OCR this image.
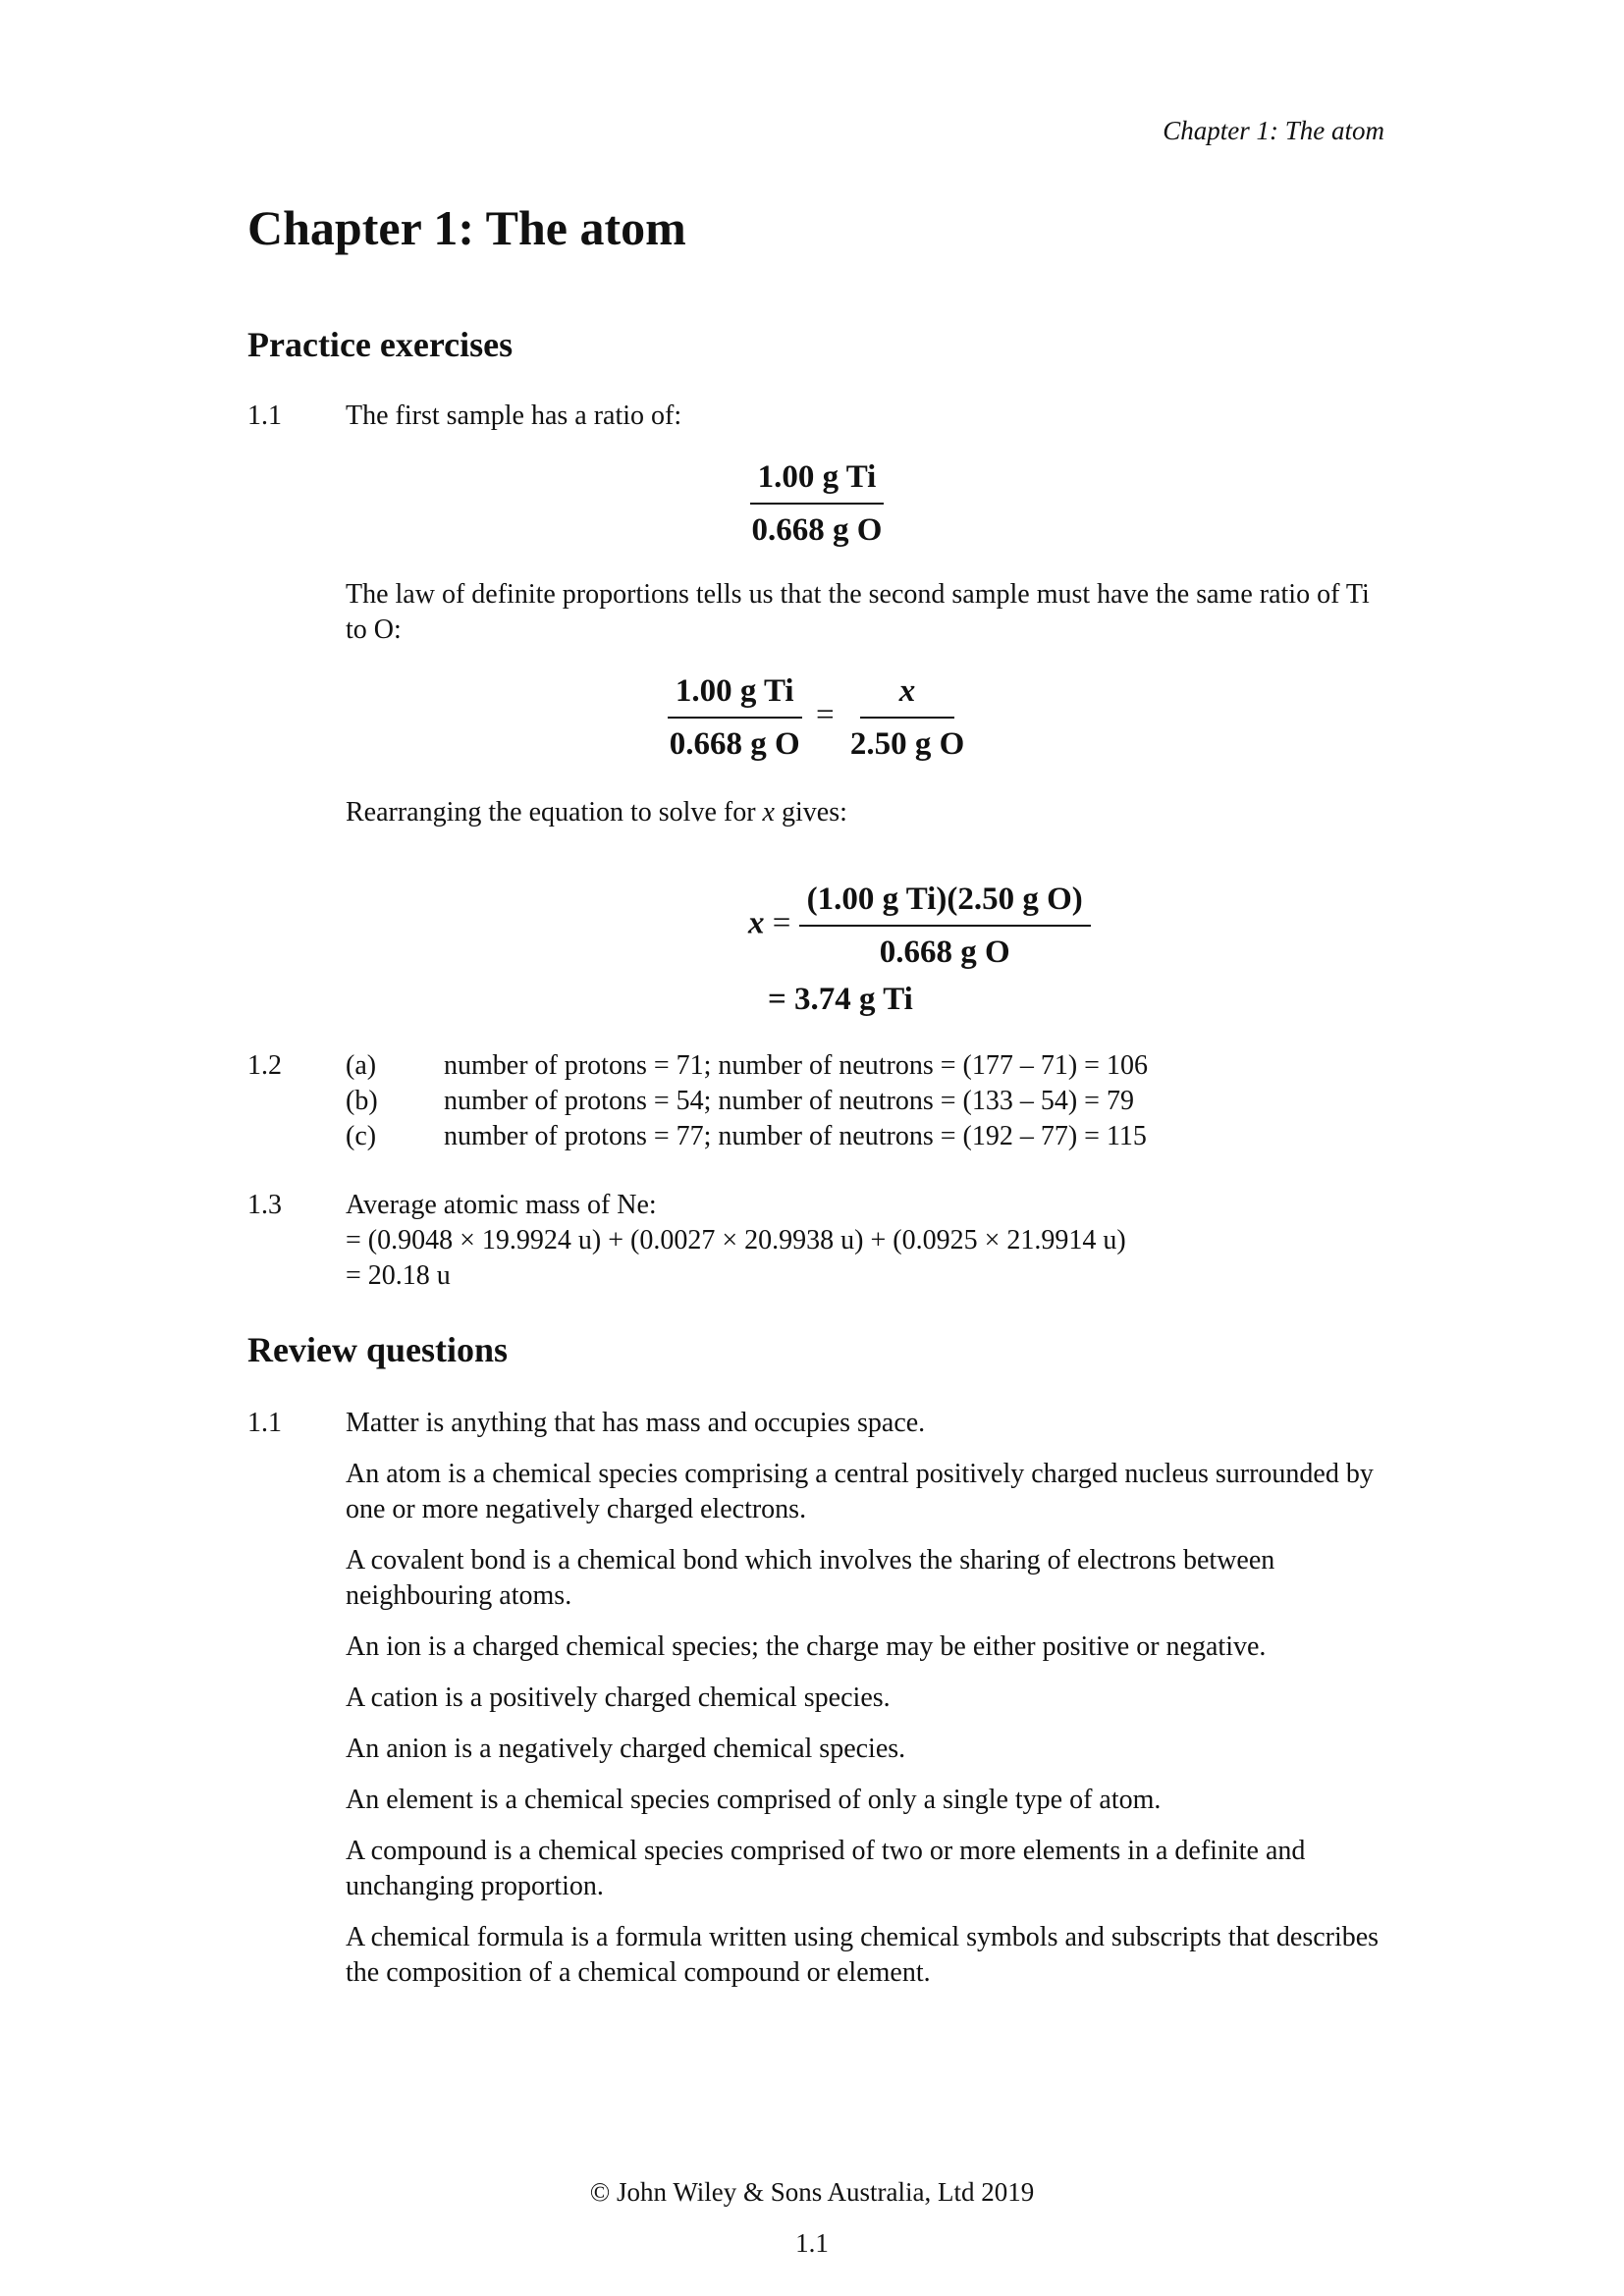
Chapter 1: The atom
Chapter 1: The atom
Practice exercises
1.1 The first sample has a ratio of:

$\frac{\text{1.00 g Ti}}{\text{0.668 g O}}$

The law of definite proportions tells us that the second sample must have the same ratio of Ti to O:

$\frac{\text{1.00 g Ti}}{\text{0.668 g O}} = \frac{x}{\text{2.50 g O}}$

Rearranging the equation to solve for x gives:

$x = \frac{\text{(1.00 g Ti)(2.50 g O)}}{\text{0.668 g O}}$
= 3.74 g Ti
1.2 (a)	number of protons = 71; number of neutrons = (177 – 71) = 106
(b)	number of protons = 54; number of neutrons = (133 – 54) = 79
(c)	number of protons = 77; number of neutrons = (192 – 77) = 115
1.3 Average atomic mass of Ne:
= (0.9048 × 19.9924 u) + (0.0027 × 20.9938 u) + (0.0925 × 21.9914 u)
= 20.18 u
Review questions
1.1 Matter is anything that has mass and occupies space.

An atom is a chemical species comprising a central positively charged nucleus surrounded by one or more negatively charged electrons.

A covalent bond is a chemical bond which involves the sharing of electrons between neighbouring atoms.

An ion is a charged chemical species; the charge may be either positive or negative.

A cation is a positively charged chemical species.

An anion is a negatively charged chemical species.

An element is a chemical species comprised of only a single type of atom.

A compound is a chemical species comprised of two or more elements in a definite and unchanging proportion.

A chemical formula is a formula written using chemical symbols and subscripts that describes the composition of a chemical compound or element.

© John Wiley & Sons Australia, Ltd 2019
1.1
